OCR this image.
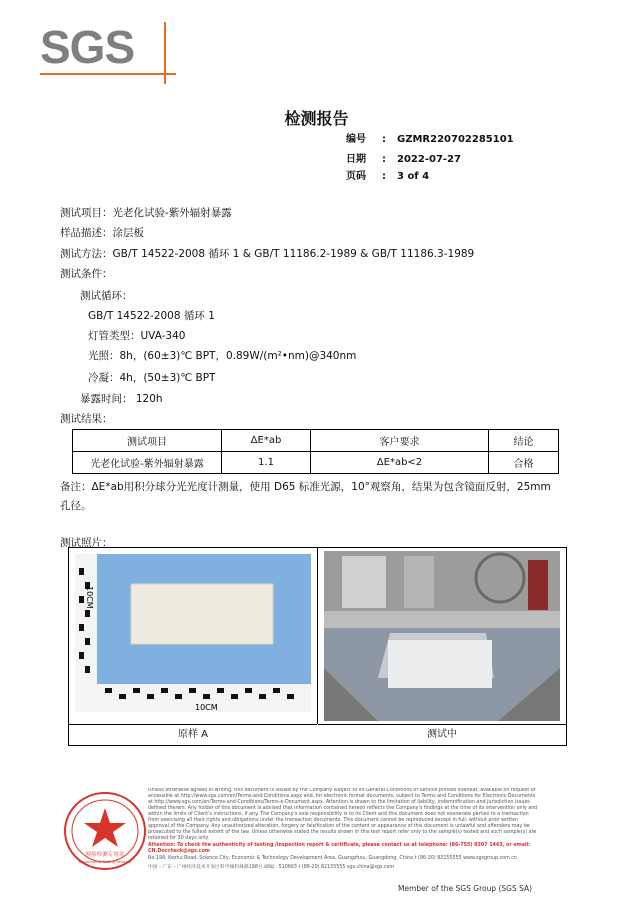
SGS
检测报告
编号 : GZMR220702285101
日期 : 2022-07-27
页码 : 3 of 4
测试项目：光老化试验-紫外辐射暴露
样品描述：涂层板
测试方法：GB/T 14522-2008 循环 1 & GB/T 11186.2-1989 & GB/T 11186.3-1989
测试条件：
测试循环：
GB/T 14522-2008 循环 1
灯管类型：UVA-340
光照：8h，(60±3)℃ BPT，0.89W/(m²•nm)@340nm
冷凝：4h，(50±3)℃ BPT
暴露时间： 120h
测试结果：
测试项目	ΔE*ab	客户要求	结论
光老化试验-紫外辐射暴露	1.1	ΔE*ab<2	合格
备注：ΔE*ab用积分球分光光度计测量，使用 D65 标准光源，10°观察角，结果为包含镜面反射，25mm 孔径。
测试照片：
10CM
10CM
原样 A	测试中
检验检测专用章
Inspection & Testing Services
Unless otherwise agreed in writing, this document is issued by the Company subject to its General Conditions of Service printed overleaf, available on request or accessible at http://www.sgs.com/en/Terms-and-Conditions.aspx and, for electronic format documents, subject to Terms and Conditions for Electronic Documents at http://www.sgs.com/en/Terms-and-Conditions/Terms-e-Document.aspx. Attention is drawn to the limitation of liability, indemnification and jurisdiction issues defined therein. Any holder of this document is advised that information contained hereon reflects the Company's findings at the time of its intervention only and within the limits of Client's instructions, if any. The Company's sole responsibility is to its Client and this document does not exonerate parties to a transaction from exercising all their rights and obligations under the transaction documents. This document cannot be reproduced except in full, without prior written approval of the Company. Any unauthorized alteration, forgery or falsification of the content or appearance of this document is unlawful and offenders may be prosecuted to the fullest extent of the law. Unless otherwise stated the results shown in this test report refer only to the sample(s) tested and such sample(s) are retained for 30 days only.
Attention: To check the authenticity of testing /inspection report & certificate, please contact us at telephone: (86-755) 8307 1443, or email: CN.Doccheck@sgs.com
No.198, Kezhu Road, Science City, Economic & Technology Development Area, Guangzhou, Guangdong, China t (86-20) 82155555 www.sgsgroup.com.cn
中国・广东・广州经济技术开发区科学城科珠路198号 邮编：510663 t (86-20) 82155555 sgs.china@sgs.com
Member of the SGS Group (SGS SA)
